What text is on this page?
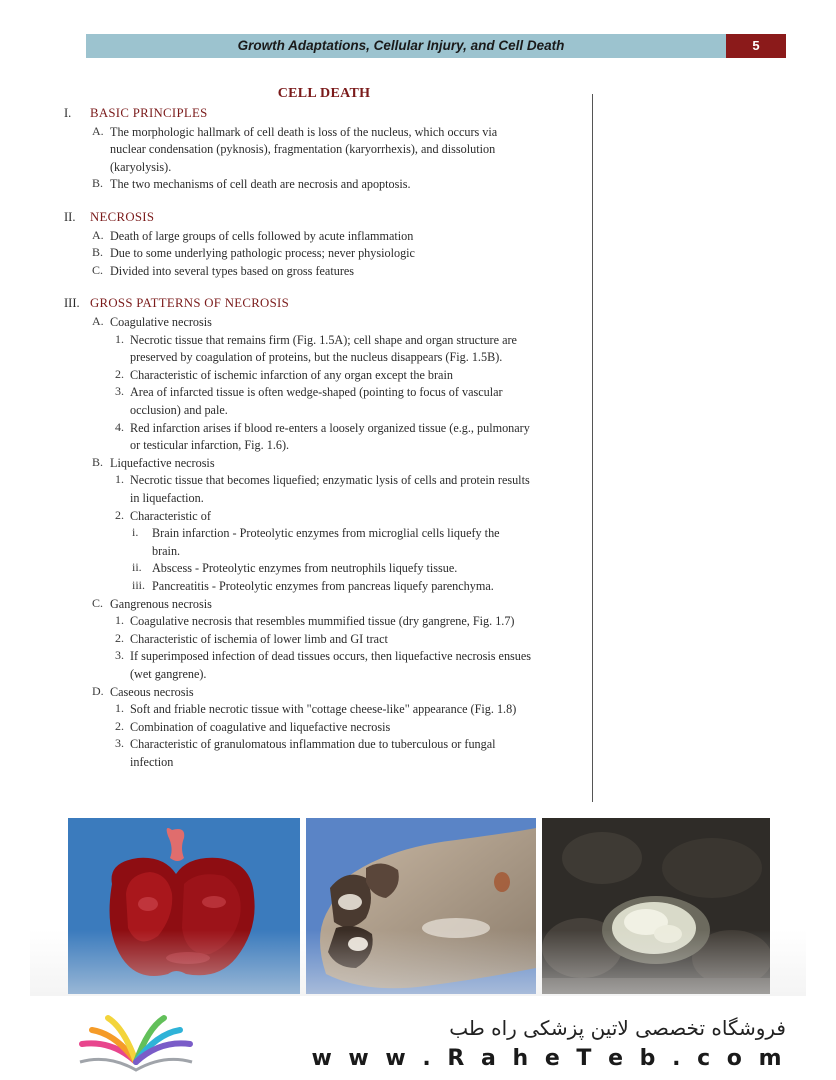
Growth Adaptations, Cellular Injury, and Cell Death	5
CELL DEATH
I. BASIC PRINCIPLES
A. The morphologic hallmark of cell death is loss of the nucleus, which occurs via
nuclear condensation (pyknosis), fragmentation (karyorrhexis), and dissolution
(karyolysis).
B. The two mechanisms of cell death are necrosis and apoptosis.
II. NECROSIS
A. Death of large groups of cells followed by acute inflammation
B. Due to some underlying pathologic process; never physiologic
C. Divided into several types based on gross features
III. GROSS PATTERNS OF NECROSIS
A. Coagulative necrosis
1. Necrotic tissue that remains firm (Fig. 1.5A); cell shape and organ structure are
preserved by coagulation of proteins, but the nucleus disappears (Fig. 1.5B).
2. Characteristic of ischemic infarction of any organ except the brain
3. Area of infarcted tissue is often wedge-shaped (pointing to focus of vascular
occlusion) and pale.
4. Red infarction arises if blood re-enters a loosely organized tissue (e.g., pulmonary
or testicular infarction, Fig. 1.6).
B. Liquefactive necrosis
1. Necrotic tissue that becomes liquefied; enzymatic lysis of cells and protein results
in liquefaction.
2. Characteristic of
i. Brain infarction - Proteolytic enzymes from microglial cells liquefy the
brain.
ii. Abscess - Proteolytic enzymes from neutrophils liquefy tissue.
iii. Pancreatitis - Proteolytic enzymes from pancreas liquefy parenchyma.
C. Gangrenous necrosis
1. Coagulative necrosis that resembles mummified tissue (dry gangrene, Fig. 1.7)
2. Characteristic of ischemia of lower limb and GI tract
3. If superimposed infection of dead tissues occurs, then liquefactive necrosis ensues
(wet gangrene).
D. Caseous necrosis
1. Soft and friable necrotic tissue with "cottage cheese-like" appearance (Fig. 1.8)
2. Combination of coagulative and liquefactive necrosis
3. Characteristic of granulomatous inflammation due to tuberculous or fungal
infection
فروشگاه تخصصی لاتین پزشکی راه طب
w w w . R a h e T e b . c o m
